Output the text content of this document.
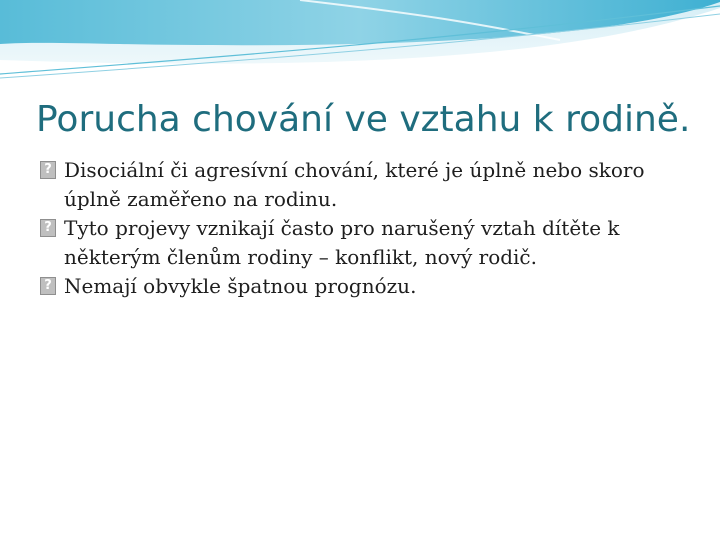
Porucha chování ve vztahu k rodině.
? Disociální či agresívní chování, které je úplně nebo skoro úplně zaměřeno na rodinu.
? Tyto projevy vznikají často pro narušený vztah dítěte k některým členům rodiny – konflikt, nový rodič.
? Nemají obvykle špatnou prognózu.
